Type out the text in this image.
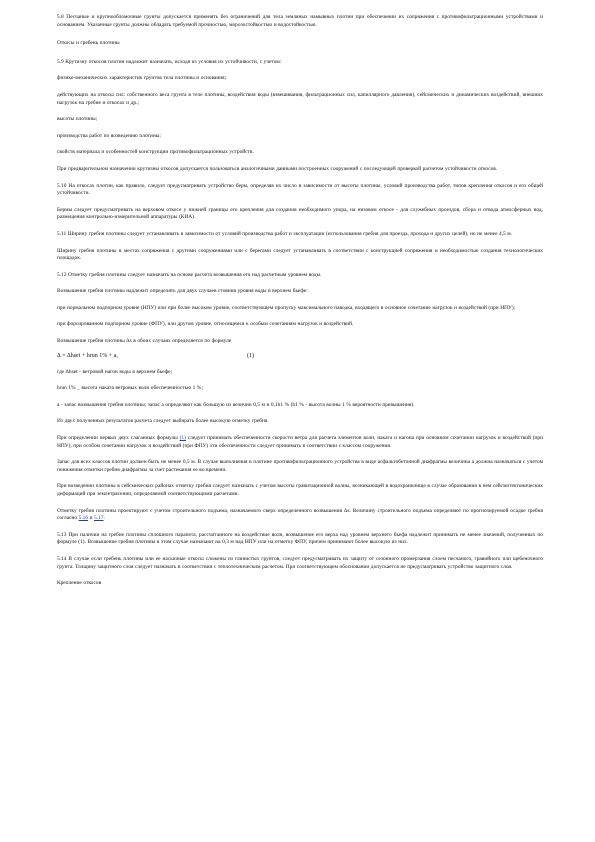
5.8 Песчаные и крупнообломочные грунты допускается применять без ограничений для тела земляных намывных плотин при обеспечении их сопряжения с противофильтрационными устройствами и основанием. Указанные грунты должны обладать требуемой прочностью, морозостойкостью и водостойкостью.

Откосы и гребень плотины

5.9 Крутизну откосов плотин надлежит назначать, исходя из условия их устойчивости, с учетом:

физико-механических характеристик грунтов тела плотины и основания;

действующих на откосы сил: собственного веса грунта в теле плотины, воздействия воды (взвешивания, фильтрационных сил, капиллярного давления), сейсмических и динамических воздействий, внешних нагрузок на гребне и откосах и др.;

высоты плотины;

производства работ по возведению плотины;

свойств материала и особенностей конструкции противофильтрационных устройств.

При предварительном назначении крутизны откосов допускается пользоваться аналогичными данными построенных сооружений с последующей проверкой расчетом устойчивости откосов.

5.10 На откосах плотин, как правило, следует предусматривать устройство берм, определяя их число в зависимости от высоты плотины, условий производства работ, типов крепления откосов и его общей устойчивости.

Бермы следует предусматривать на верховом откосе у нижней границы его крепления для создания необходимого упора, на низовом откосе - для служебных проездов, сбора и отвода атмосферных вод, размещения контрольно-измерительной аппаратуры (КИА).

5.11 Ширину гребня плотины следует устанавливать в зависимости от условий производства работ и эксплуатации (использования гребня для проезда, прохода и других целей), но не менее 4,5 м.

Ширину гребня плотины в местах сопряжения с другими сооружениями или с берегами следует устанавливать в соответствии с конструкцией сопряжения и необходимостью создания технологических площадок.

5.12 Отметку гребня плотины следует назначать на основе расчета возвышения его над расчетным уровнем воды.

Возвышение гребня плотины надлежит определять для двух случаев стояния уровня воды в верхнем бьефе:

при нормальном подпорном уровне (НПУ) или при более высоком уровне, соответствующем пропуску максимального паводка, входящего в основное сочетание нагрузок и воздействий (при НПУ);

при форсированном подпорном уровне (ФПУ), или другом уровне, относящемся к особым сочетаниям нагрузок и воздействий.

Возвышение гребня плотины ∆s в обоих случаях определяется по формуле

∆ = ∆hset + hrun 1% + a,	(1)

где ∆hset - ветровой нагон воды в верхнем бьефе;

hrun 1% _ высота наката ветровых волн обеспеченностью 1 %;

a - запас возвышения гребня плотины; запас a определяют как большую из величин 0,5 м и 0,1h1 % (h1 % - высота волны 1 % вероятности превышения).

Из двух полученных результатов расчета следует выбирать более высокую отметку гребня.

При определении первых двух слагаемых формулы (1) следует принимать обеспеченности скорости ветра для расчета элементов волн, наката и нагона при основном сочетании нагрузок и воздействий (при НПУ), при особом сочетании нагрузок и воздействий (при ФПУ) эти обеспеченности следует принимать в соответствии с классом сооружения.

Запас для всех классов плотин должен быть не менее 0,5 м. В случае выполнения в плотине противофильтрационного устройства в виде асфальтобетонной диафрагмы величина a должна назначаться с учетом понижения отметки гребня диафрагмы за счет растекания ее во времени.

При возведении плотины в сейсмических районах отметку гребня следует назначать с учетом высоты гравитационной волны, возникающей в водохранилище в случае образования в нем сейсмотектонических деформаций при землетрясении, определяемой соответствующими расчетами.

Отметку гребня плотины проектируют с учетом строительного подъема, назначаемого сверх определенного возвышения ∆s. Величину строительного подъема определяют по прогнозируемой осадке гребня согласно 5.16 и 5.17.

5.13 При наличии на гребне плотины сплошного парапета, рассчитанного на воздействие волн, возвышение его верха над уровнем верхнего бьефа надлежит принимать не менее значений, полученных по формуле (1). Возвышение гребня плотины в этом случае назначают на 0,3 м над НПУ или на отметку ФПУ, причем принимают более высокую из них.

5.14 В случае если гребень плотины или ее насыпные откосы сложены из глинистых грунтов, следует предусматривать их защиту от сезонного промерзания слоем песчаного, гравийного или щебеночного грунта. Толщину защитного слоя следует назначать в соответствии с теплотехническим расчетом. При соответствующем обосновании допускается не предусматривать устройство защитного слоя.

Крепление откосов
